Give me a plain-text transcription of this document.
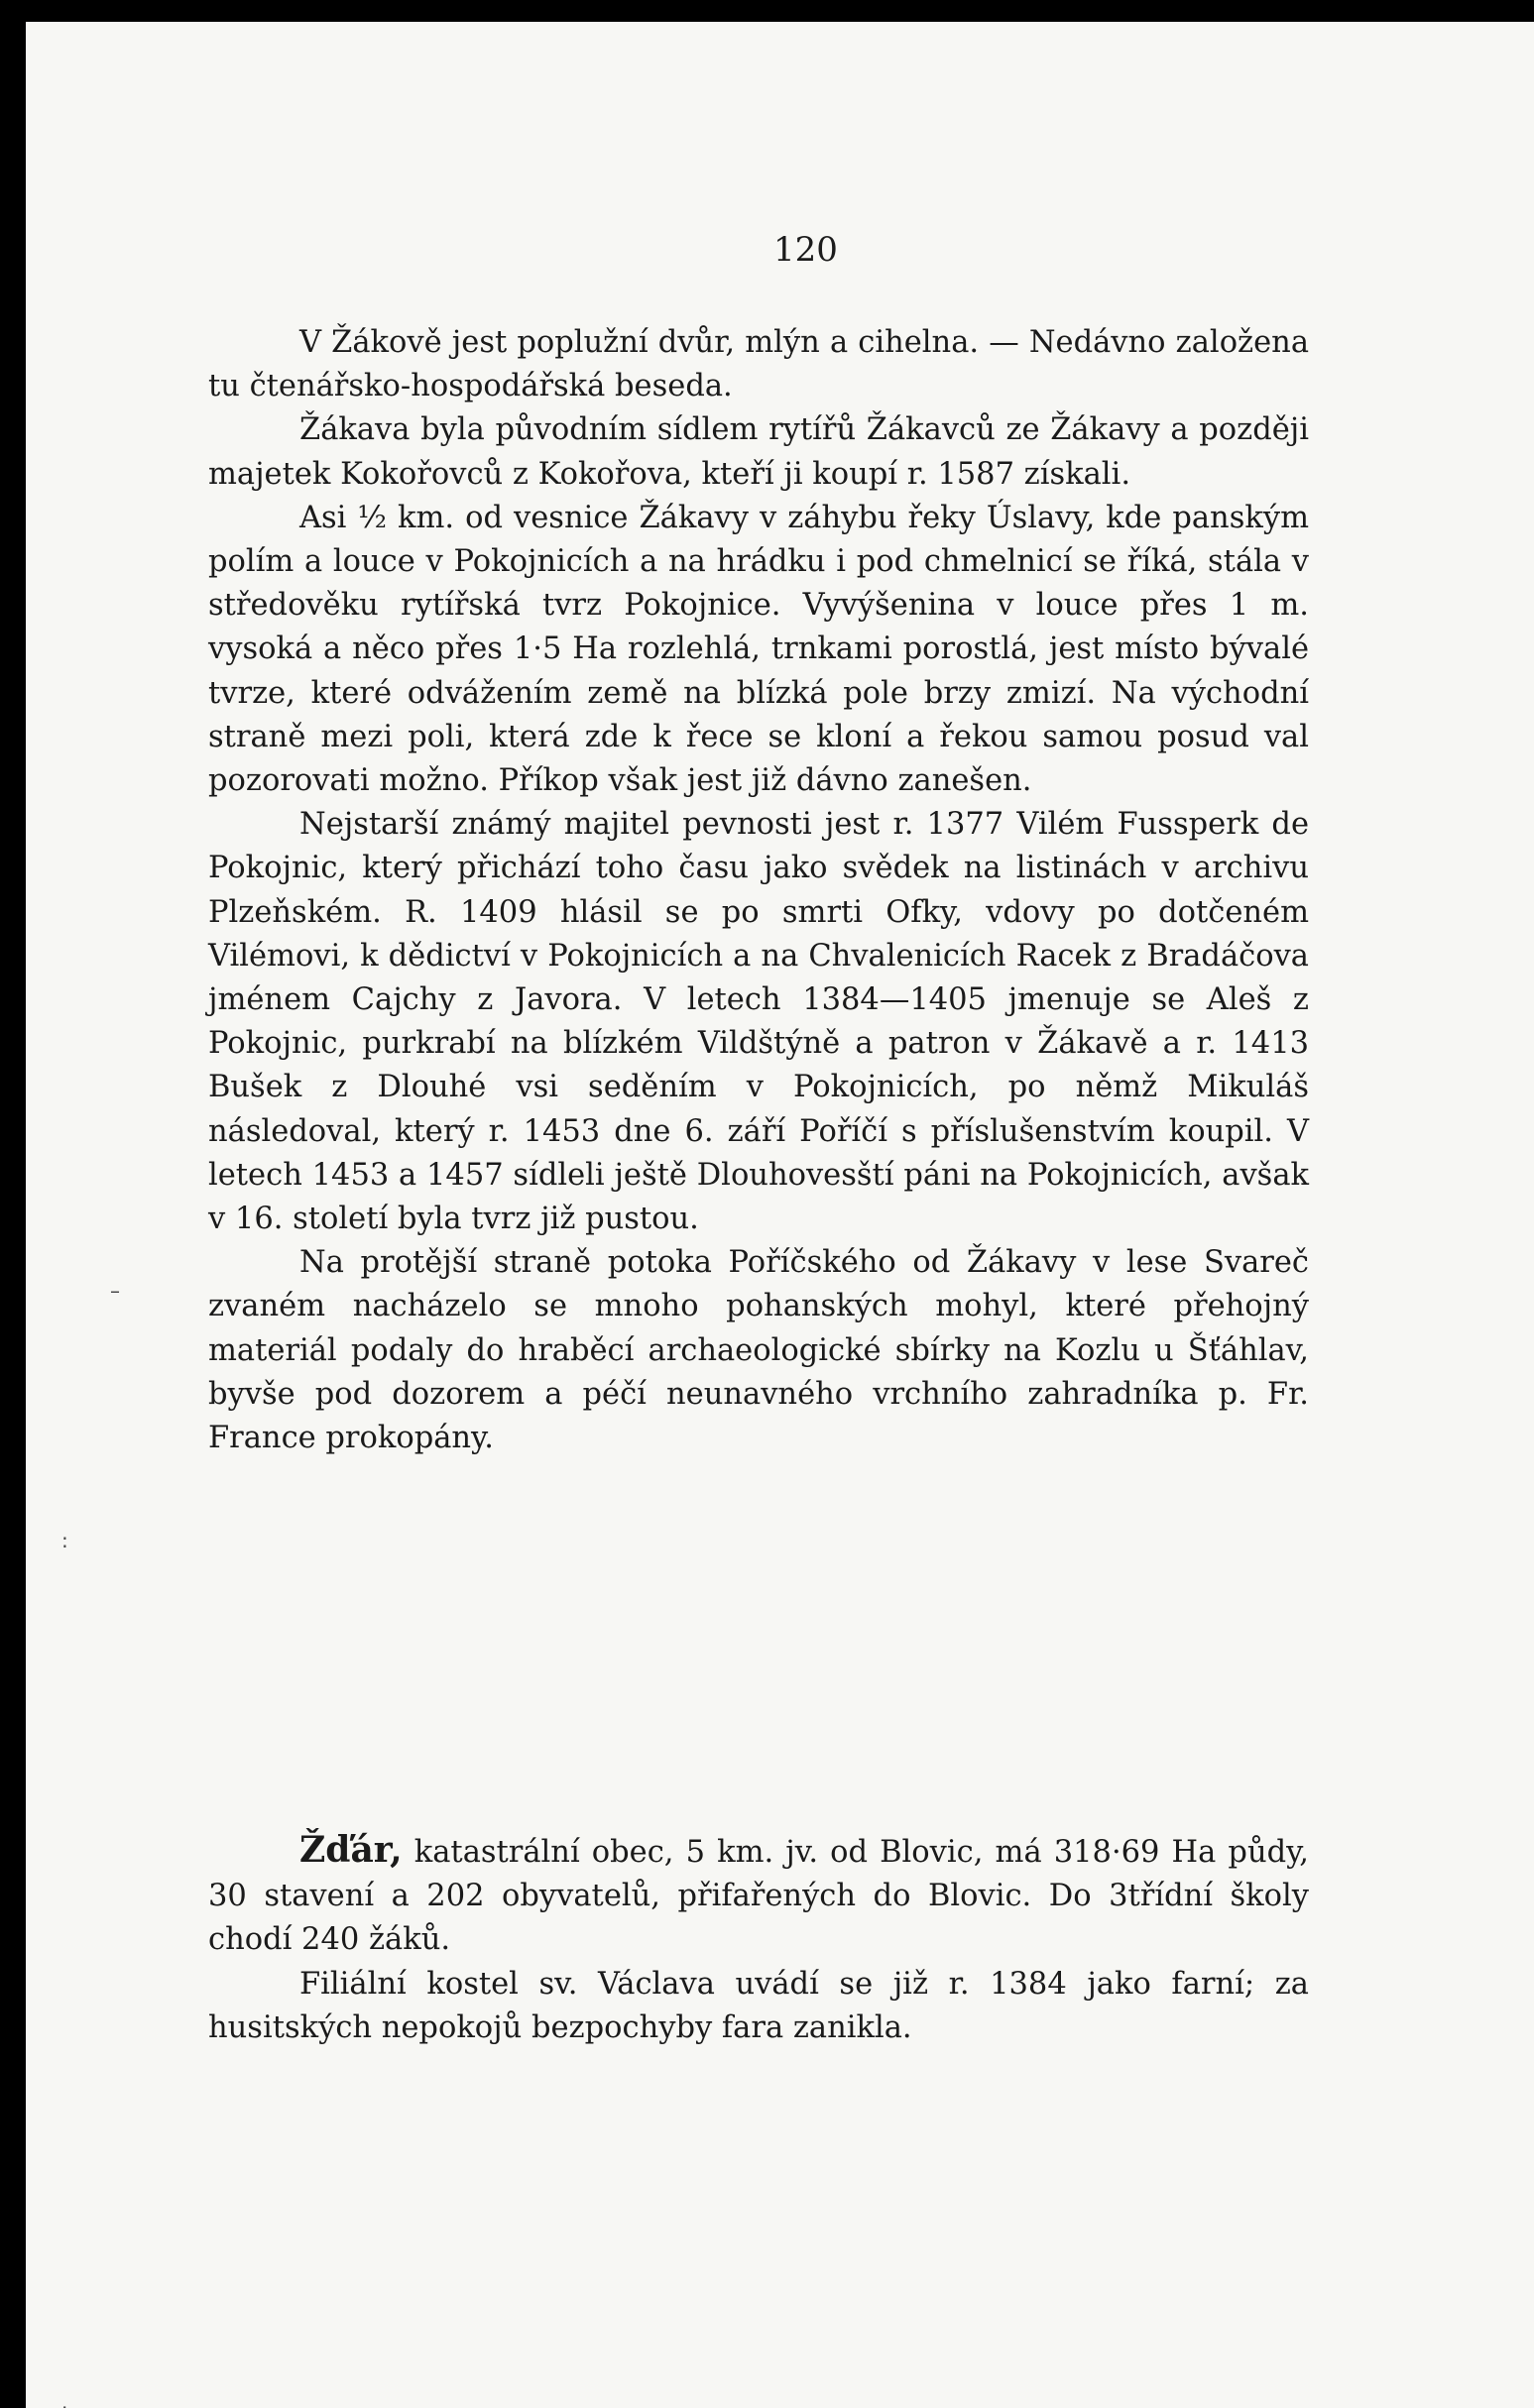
120

V Žákově jest poplužní dvůr, mlýn a cihelna. — Nedávno založena tu čtenářsko-hospodářská beseda.

Žákava byla původním sídlem rytířů Žákavců ze Žákavy a později majetek Kokořovců z Kokořova, kteří ji koupí r. 1587 získali.

Asi ½ km. od vesnice Žákavy v záhybu řeky Úslavy, kde panským polím a louce v Pokojnicích a na hrádku i pod chmelnicí se říká, stála v středověku rytířská tvrz Pokojnice. Vyvýšenina v louce přes 1 m. vysoká a něco přes 1·5 Ha rozlehlá, trnkami porostlá, jest místo bývalé tvrze, které odvážením země na blízká pole brzy zmizí. Na východní straně mezi poli, která zde k řece se kloní a řekou samou posud val pozorovati možno. Příkop však jest již dávno zanešen.

Nejstarší známý majitel pevnosti jest r. 1377 Vilém Fussperk de Pokojnic, který přichází toho času jako svědek na listinách v archivu Plzeňském. R. 1409 hlásil se po smrti Ofky, vdovy po dotčeném Vilémovi, k dědictví v Pokojnicích a na Chvalenicích Racek z Bradáčova jménem Cajchy z Javora. V letech 1384—1405 jmenuje se Aleš z Pokojnic, purkrabí na blízkém Vildštýně a patron v Žákavě a r. 1413 Bušek z Dlouhé vsi seděním v Pokojnicích, po němž Mikuláš následoval, který r. 1453 dne 6. září Poříčí s příslušenstvím koupil. V letech 1453 a 1457 sídleli ještě Dlouhovesští páni na Pokojnicích, avšak v 16. století byla tvrz již pustou.

Na protější straně potoka Poříčského od Žákavy v lese Svareč zvaném nacházelo se mnoho pohanských mohyl, které přehojný materiál podaly do hraběcí archaeologické sbírky na Kozlu u Šťáhlav, byvše pod dozorem a péčí neunavného vrchního zahradníka p. Fr. France prokopány.

Žďár, katastrální obec, 5 km. jv. od Blovic, má 318·69 Ha půdy, 30 stavení a 202 obyvatelů, přifařených do Blovic. Do 3třídní školy chodí 240 žáků.

Filiální kostel sv. Václava uvádí se již r. 1384 jako farní; za husitských nepokojů bezpochyby fara zanikla.

–
:
·
